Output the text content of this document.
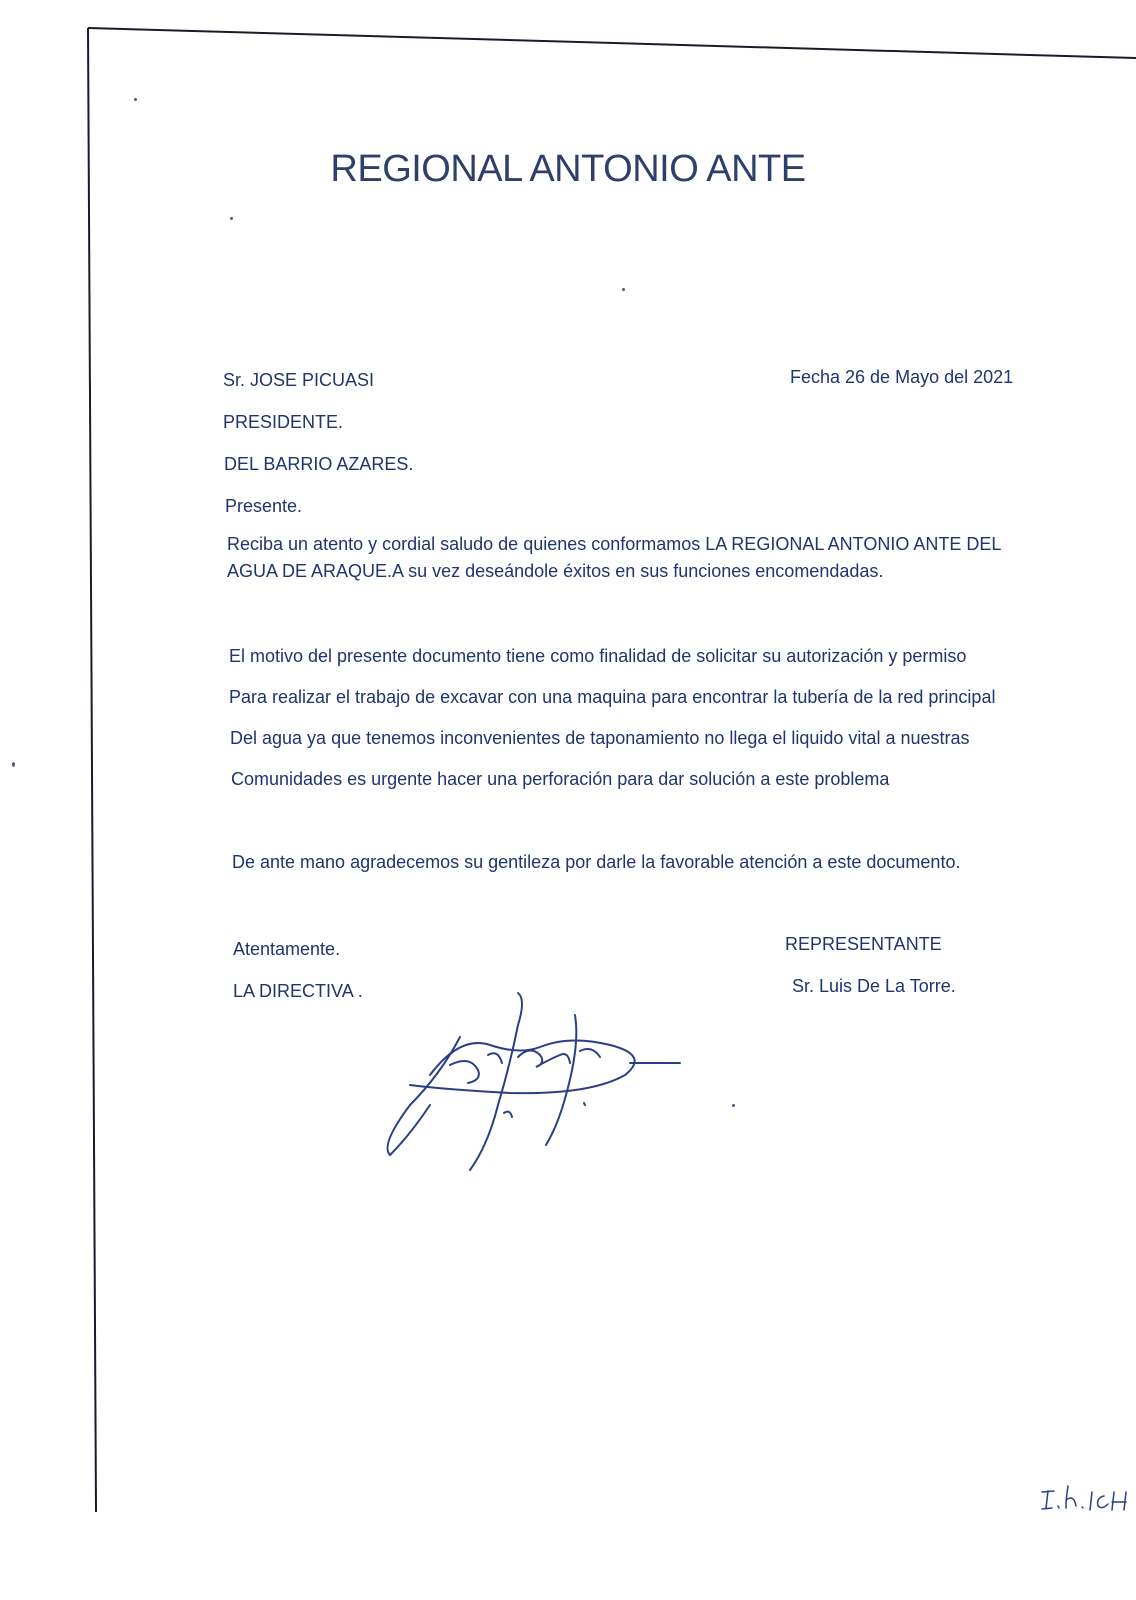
REGIONAL ANTONIO ANTE
Sr. JOSE PICUASI	Fecha 26 de Mayo del 2021
PRESIDENTE.
DEL BARRIO AZARES.
Presente.
Reciba un atento y cordial saludo de quienes conformamos LA REGIONAL ANTONIO ANTE DEL
AGUA DE ARAQUE.A su vez deseándole éxitos en sus funciones encomendadas.
El motivo del presente documento tiene como finalidad de solicitar su autorización y permiso
Para realizar el trabajo de excavar con una maquina para encontrar la tubería de la red principal
Del agua ya que tenemos inconvenientes de taponamiento no llega el liquido vital a nuestras
Comunidades es urgente hacer una perforación para dar solución a este problema
De ante mano agradecemos su gentileza por darle la favorable atención a este documento.
Atentamente.
LA DIRECTIVA .
REPRESENTANTE
Sr. Luis De La Torre.
